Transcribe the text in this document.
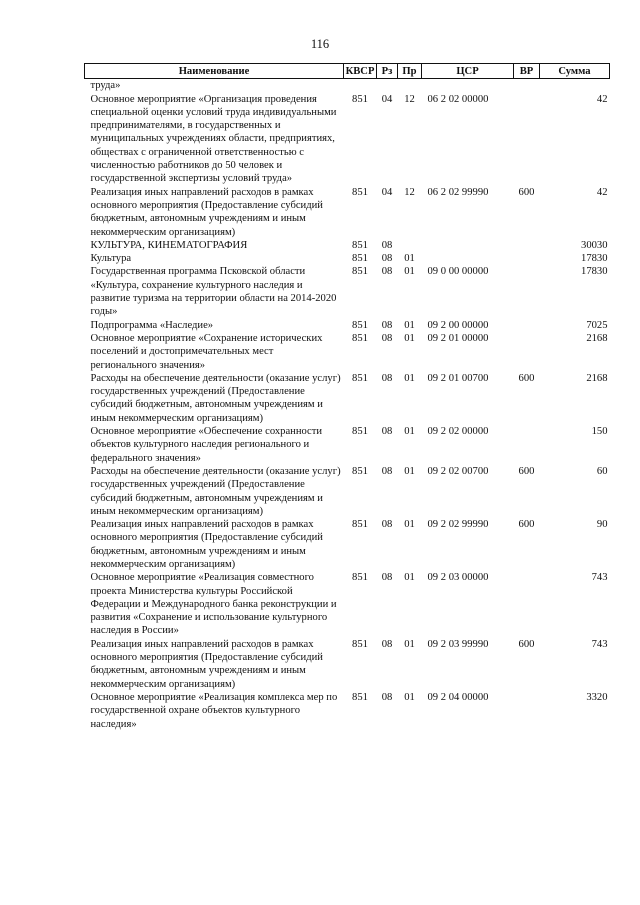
116
Наименование	КВСР	Рз	Пр	ЦСР	ВР	Сумма
труда»						
Основное мероприятие «Организация проведения специальной оценки условий труда индивидуальными предпринимателями, в государственных и муниципальных учреждениях области, предприятиях, обществах с ограниченной ответственностью с численностью работников до 50 человек и государственной экспертизы условий труда»	851	04	12	06 2 02 00000		42
Реализация иных направлений расходов в рамках основного мероприятия (Предоставление субсидий бюджетным, автономным учреждениям и иным некоммерческим организациям)	851	04	12	06 2 02 99990	600	42
КУЛЬТУРА, КИНЕМАТОГРАФИЯ	851	08				30030
Культура	851	08	01			17830
Государственная программа Псковской области «Культура, сохранение культурного наследия и развитие туризма на территории области на 2014-2020 годы»	851	08	01	09 0 00 00000		17830
Подпрограмма «Наследие»	851	08	01	09 2 00 00000		7025
Основное мероприятие «Сохранение исторических поселений и достопримечательных мест регионального значения»	851	08	01	09 2 01 00000		2168
Расходы на обеспечение деятельности (оказание услуг) государственных учреждений (Предоставление субсидий бюджетным, автономным учреждениям и иным некоммерческим организациям)	851	08	01	09 2 01 00700	600	2168
Основное мероприятие «Обеспечение сохранности объектов культурного наследия регионального и федерального значения»	851	08	01	09 2 02 00000		150
Расходы на обеспечение деятельности (оказание услуг) государственных учреждений (Предоставление субсидий бюджетным, автономным учреждениям и иным некоммерческим организациям)	851	08	01	09 2 02 00700	600	60
Реализация иных направлений расходов в рамках основного мероприятия (Предоставление субсидий бюджетным, автономным учреждениям и иным некоммерческим организациям)	851	08	01	09 2 02 99990	600	90
Основное мероприятие «Реализация совместного проекта Министерства культуры Российской Федерации и Международного банка реконструкции и развития «Сохранение и использование культурного наследия в России»	851	08	01	09 2 03 00000		743
Реализация иных направлений расходов в рамках основного мероприятия (Предоставление субсидий бюджетным, автономным учреждениям и иным некоммерческим организациям)	851	08	01	09 2 03 99990	600	743
Основное мероприятие «Реализация комплекса мер по государственной охране объектов культурного наследия»	851	08	01	09 2 04 00000		3320
